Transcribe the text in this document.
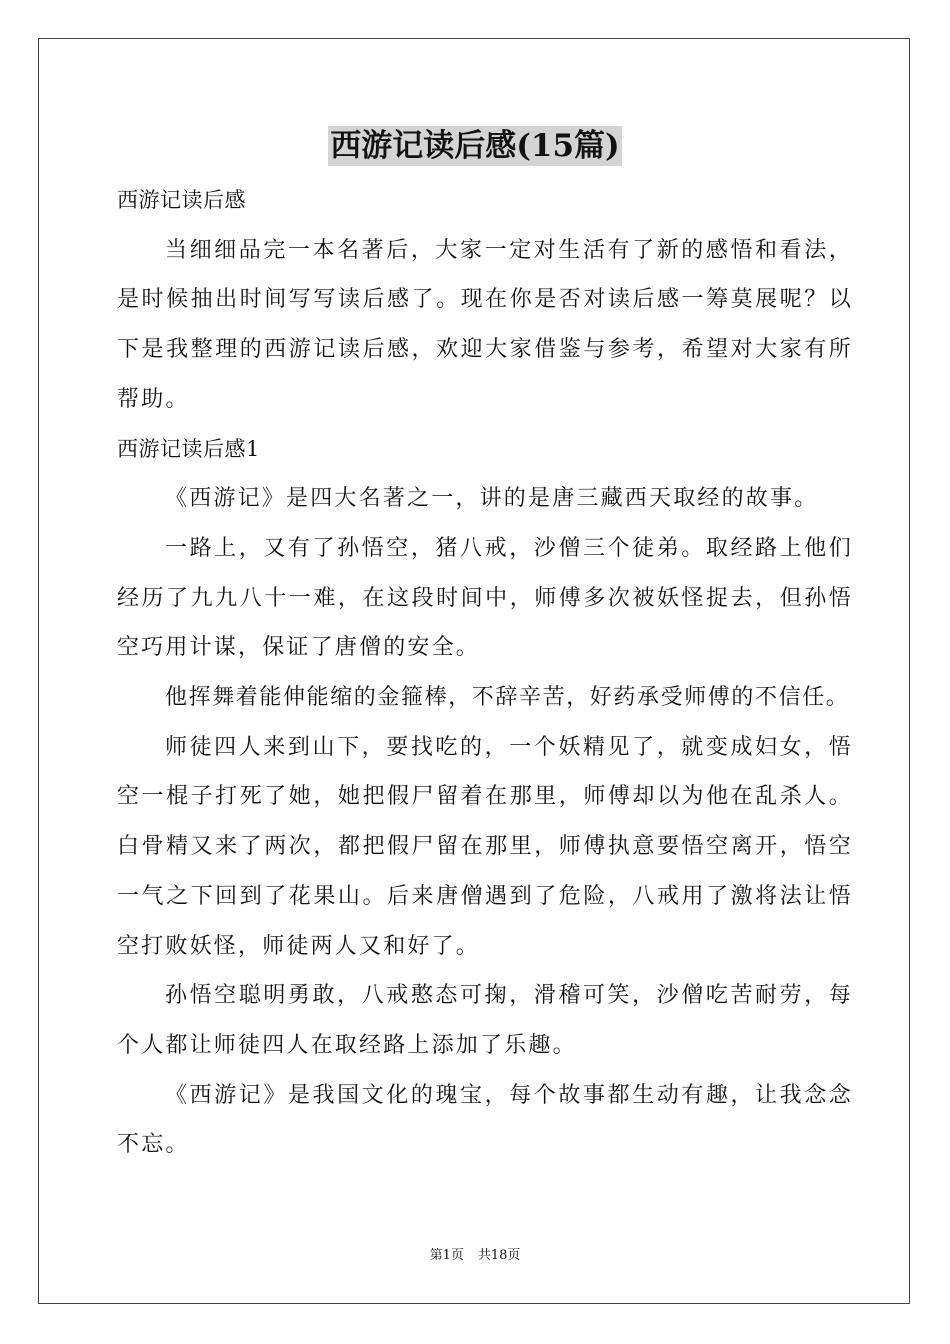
西游记读后感(15篇)

西游记读后感

当细细品完一本名著后，大家一定对生活有了新的感悟和看法，是时候抽出时间写写读后感了。现在你是否对读后感一筹莫展呢？以下是我整理的西游记读后感，欢迎大家借鉴与参考，希望对大家有所帮助。

西游记读后感1

《西游记》是四大名著之一，讲的是唐三藏西天取经的故事。

一路上，又有了孙悟空，猪八戒，沙僧三个徒弟。取经路上他们经历了九九八十一难，在这段时间中，师傅多次被妖怪捉去，但孙悟空巧用计谋，保证了唐僧的安全。

他挥舞着能伸能缩的金箍棒，不辞辛苦，好药承受师傅的不信任。

师徒四人来到山下，要找吃的，一个妖精见了，就变成妇女，悟空一棍子打死了她，她把假尸留着在那里，师傅却以为他在乱杀人。白骨精又来了两次，都把假尸留在那里，师傅执意要悟空离开，悟空一气之下回到了花果山。后来唐僧遇到了危险，八戒用了激将法让悟空打败妖怪，师徒两人又和好了。

孙悟空聪明勇敢，八戒憨态可掬，滑稽可笑，沙僧吃苦耐劳，每个人都让师徒四人在取经路上添加了乐趣。

《西游记》是我国文化的瑰宝，每个故事都生动有趣，让我念念不忘。

第1页 共18页
